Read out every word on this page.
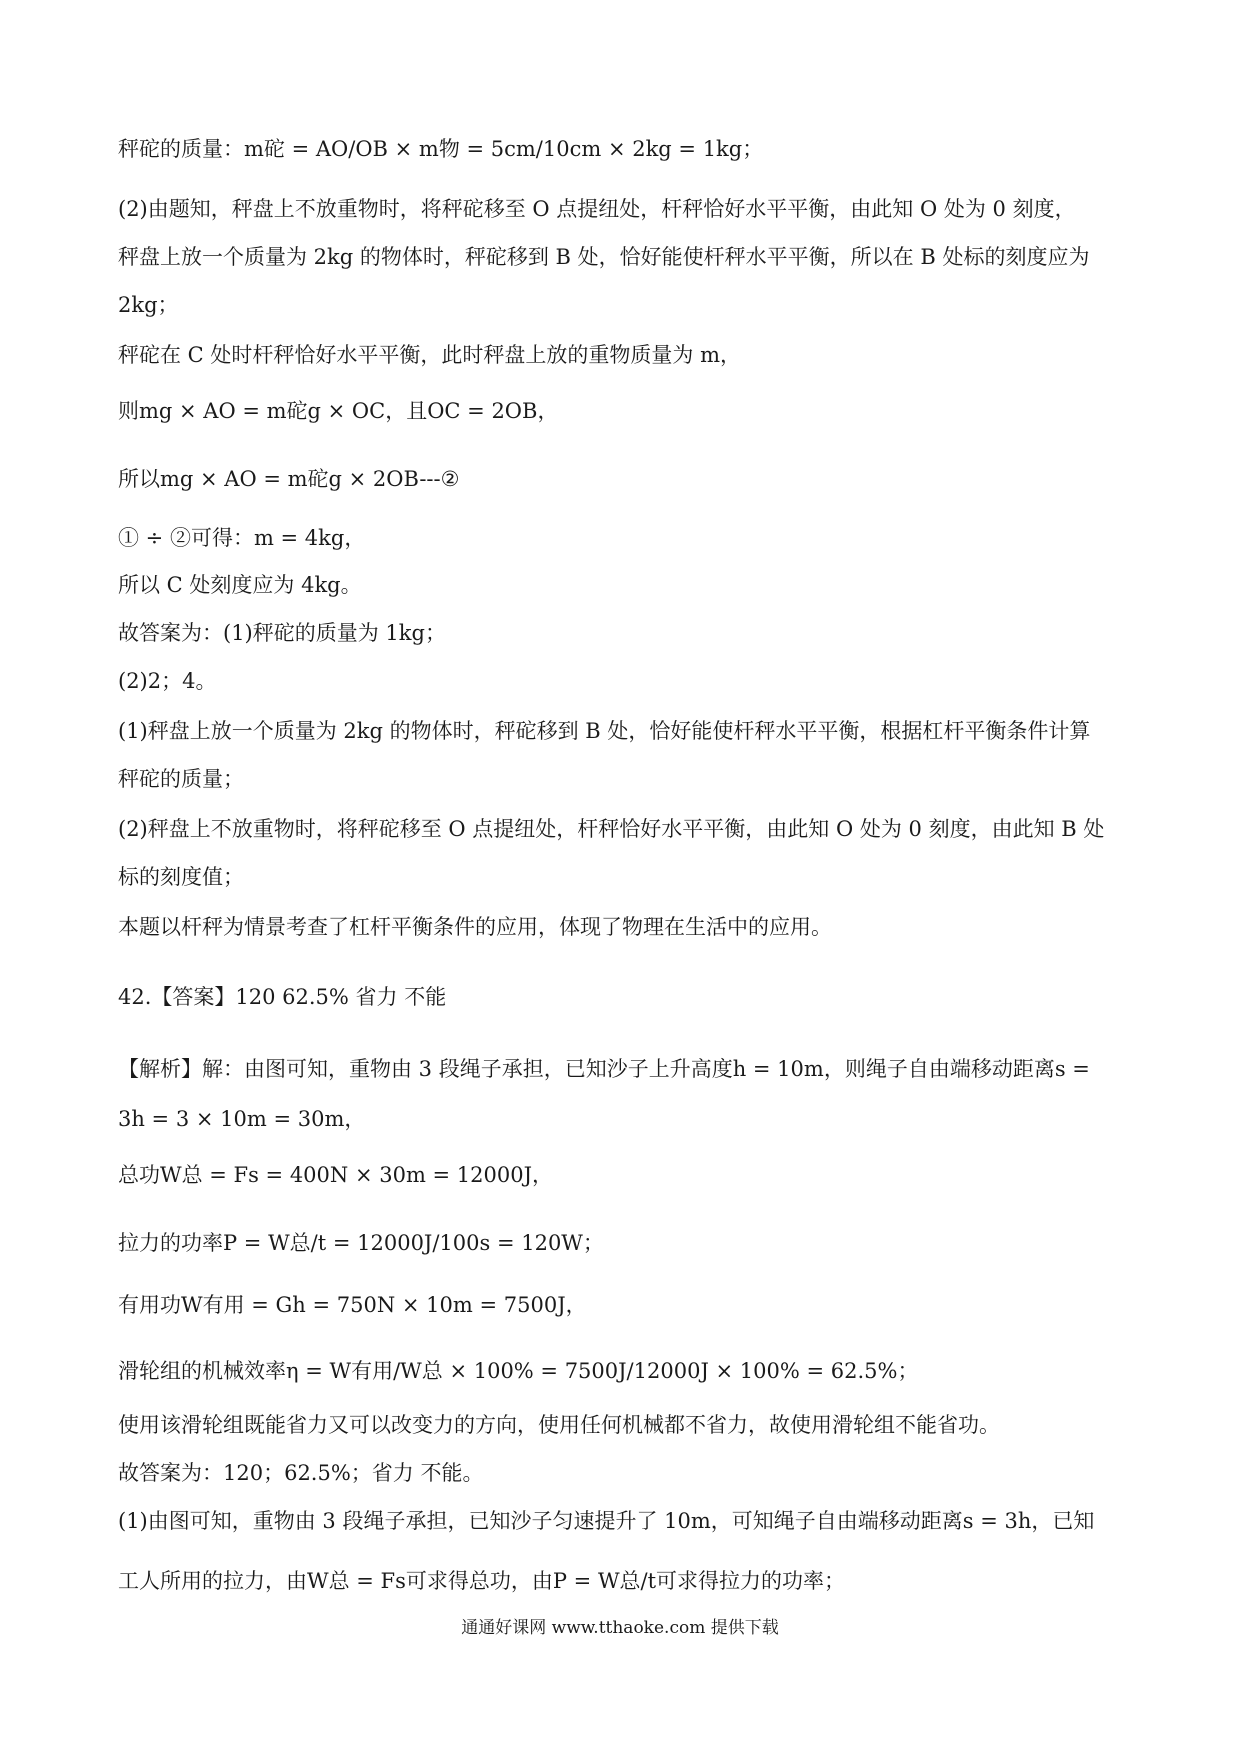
秤砣的质量：m砣 = AO/OB × m物 = 5cm/10cm × 2kg = 1kg；
(2)由题知，秤盘上不放重物时，将秤砣移至 O 点提纽处，杆秤恰好水平平衡，由此知 O 处为 0 刻度，
秤盘上放一个质量为 2kg 的物体时，秤砣移到 B 处，恰好能使杆秤水平平衡，所以在 B 处标的刻度应为
2kg；
秤砣在 C 处时杆秤恰好水平平衡，此时秤盘上放的重物质量为 m，
则mg × AO = m砣g × OC，且OC = 2OB，
所以mg × AO = m砣g × 2OB---②
① ÷ ②可得：m = 4kg，
所以 C 处刻度应为 4kg。
故答案为：(1)秤砣的质量为 1kg；
(2)2；4。
(1)秤盘上放一个质量为 2kg 的物体时，秤砣移到 B 处，恰好能使杆秤水平平衡，根据杠杆平衡条件计算
秤砣的质量；
(2)秤盘上不放重物时，将秤砣移至 O 点提纽处，杆秤恰好水平平衡，由此知 O 处为 0 刻度，由此知 B 处
标的刻度值；
本题以杆秤为情景考查了杠杆平衡条件的应用，体现了物理在生活中的应用。
42.【答案】120 62.5% 省力 不能
【解析】解：由图可知，重物由 3 段绳子承担，已知沙子上升高度h = 10m，则绳子自由端移动距离s =
3h = 3 × 10m = 30m，
总功W总 = Fs = 400N × 30m = 12000J，
拉力的功率P = W总/t = 12000J/100s = 120W；
有用功W有用 = Gh = 750N × 10m = 7500J，
滑轮组的机械效率η = W有用/W总 × 100% = 7500J/12000J × 100% = 62.5%；
使用该滑轮组既能省力又可以改变力的方向，使用任何机械都不省力，故使用滑轮组不能省功。
故答案为：120；62.5%；省力 不能。
(1)由图可知，重物由 3 段绳子承担，已知沙子匀速提升了 10m，可知绳子自由端移动距离s = 3h，已知
工人所用的拉力，由W总 = Fs可求得总功，由P = W总/t可求得拉力的功率；
通通好课网 www.tthaoke.com 提供下载
